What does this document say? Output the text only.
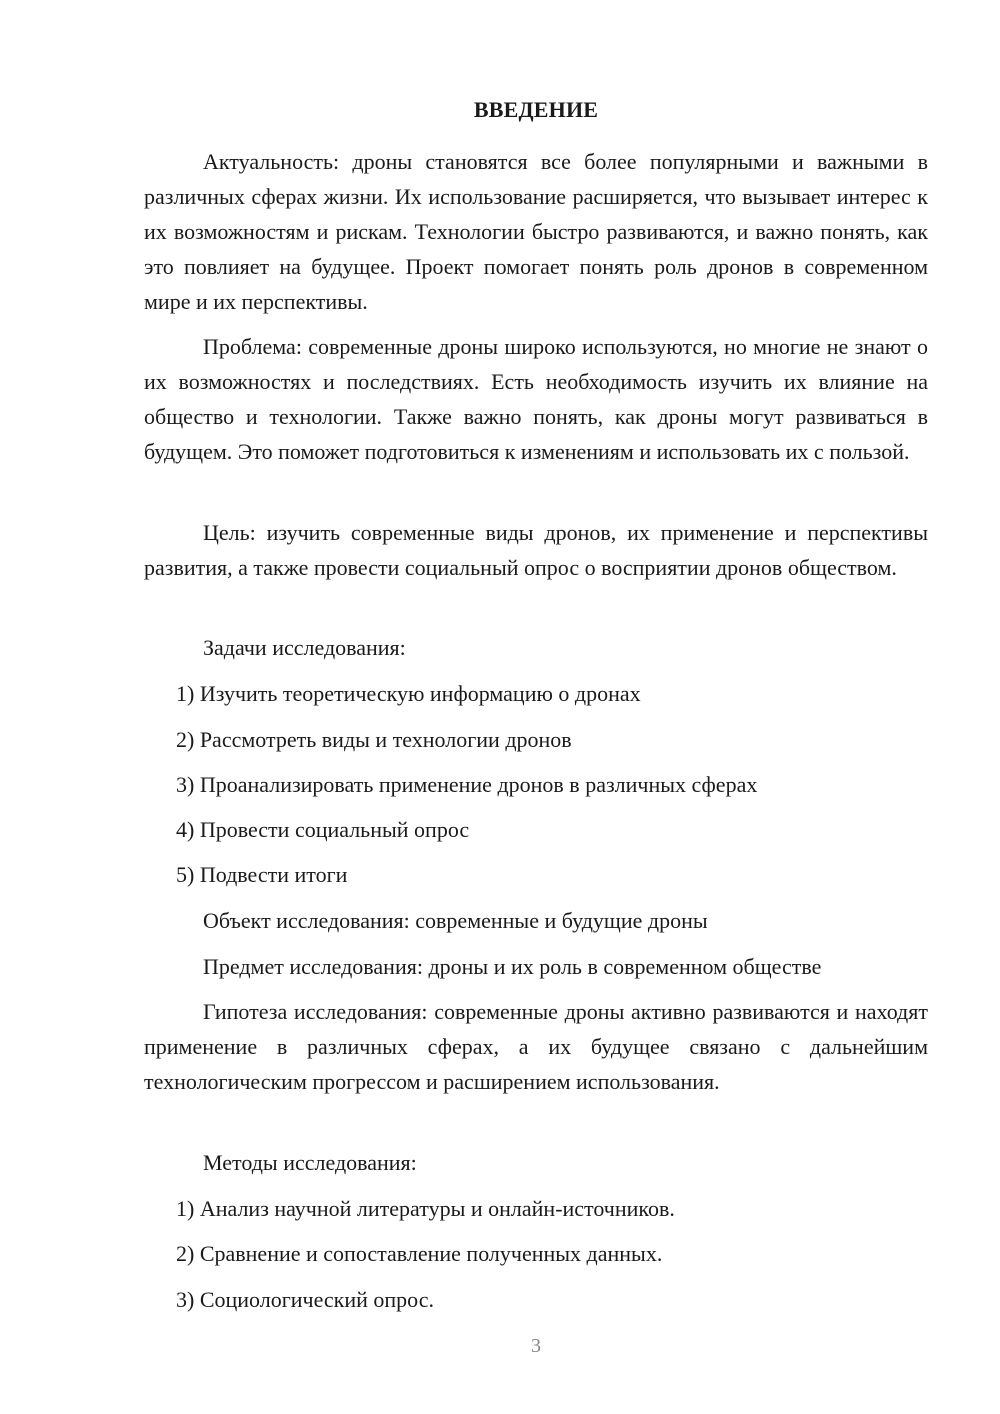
ВВЕДЕНИЕ

Актуальность: дроны становятся все более популярными и важными в различных сферах жизни. Их использование расширяется, что вызывает интерес к их возможностям и рискам. Технологии быстро развиваются, и важно понять, как это повлияет на будущее. Проект помогает понять роль дронов в современном мире и их перспективы.

Проблема: современные дроны широко используются, но многие не знают о их возможностях и последствиях. Есть необходимость изучить их влияние на общество и технологии. Также важно понять, как дроны могут развиваться в будущем. Это поможет подготовиться к изменениям и использовать их с пользой.

Цель: изучить современные виды дронов, их применение и перспективы развития, а также провести социальный опрос о восприятии дронов обществом.

Задачи исследования:

1) Изучить теоретическую информацию о дронах

2) Рассмотреть виды и технологии дронов

3) Проанализировать применение дронов в различных сферах

4) Провести социальный опрос

5) Подвести итоги

Объект исследования: современные и будущие дроны

Предмет исследования: дроны и их роль в современном обществе

Гипотеза исследования: современные дроны активно развиваются и находят применение в различных сферах, а их будущее связано с дальнейшим технологическим прогрессом и расширением использования.

Методы исследования:

1) Анализ научной литературы и онлайн-источников.

2) Сравнение и сопоставление полученных данных.

3) Социологический опрос.

3
